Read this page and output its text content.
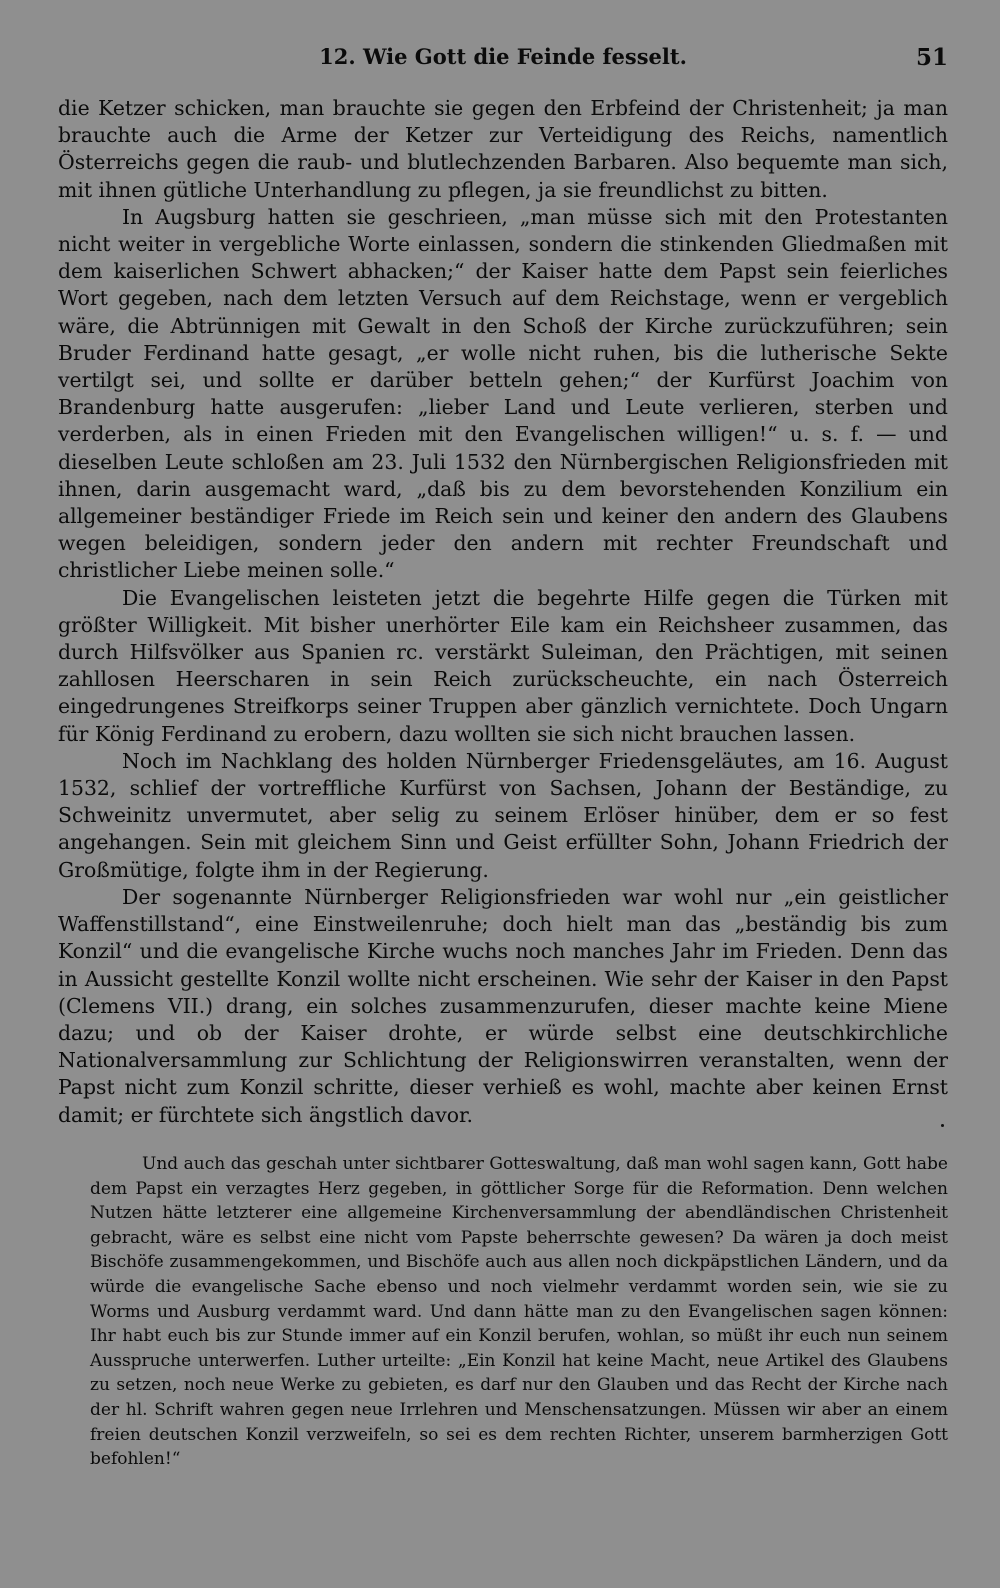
12. Wie Gott die Feinde fesselt.	51

die Ketzer schicken, man brauchte sie gegen den Erbfeind der Christenheit; ja man brauchte auch die Arme der Ketzer zur Verteidigung des Reichs, namentlich Österreichs gegen die raub- und blutlechzenden Barbaren. Also bequemte man sich, mit ihnen gütliche Unterhandlung zu pflegen, ja sie freundlichst zu bitten.

In Augsburg hatten sie geschrieen, „man müsse sich mit den Protestanten nicht weiter in vergebliche Worte einlassen, sondern die stinkenden Gliedmaßen mit dem kaiserlichen Schwert abhacken;“ der Kaiser hatte dem Papst sein feierliches Wort gegeben, nach dem letzten Versuch auf dem Reichstage, wenn er vergeblich wäre, die Abtrünnigen mit Gewalt in den Schoß der Kirche zurückzuführen; sein Bruder Ferdinand hatte gesagt, „er wolle nicht ruhen, bis die lutherische Sekte vertilgt sei, und sollte er darüber betteln gehen;“ der Kurfürst Joachim von Brandenburg hatte ausgerufen: „lieber Land und Leute verlieren, sterben und verderben, als in einen Frieden mit den Evangelischen willigen!“ u. s. f. — und dieselben Leute schloßen am 23. Juli 1532 den Nürnbergischen Religionsfrieden mit ihnen, darin ausgemacht ward, „daß bis zu dem bevorstehenden Konzilium ein allgemeiner beständiger Friede im Reich sein und keiner den andern des Glaubens wegen beleidigen, sondern jeder den andern mit rechter Freundschaft und christlicher Liebe meinen solle.“

Die Evangelischen leisteten jetzt die begehrte Hilfe gegen die Türken mit größter Willigkeit. Mit bisher unerhörter Eile kam ein Reichsheer zusammen, das durch Hilfsvölker aus Spanien rc. verstärkt Suleiman, den Prächtigen, mit seinen zahllosen Heerscharen in sein Reich zurückscheuchte, ein nach Österreich eingedrungenes Streifkorps seiner Truppen aber gänzlich vernichtete. Doch Ungarn für König Ferdinand zu erobern, dazu wollten sie sich nicht brauchen lassen.

Noch im Nachklang des holden Nürnberger Friedensgeläutes, am 16. August 1532, schlief der vortreffliche Kurfürst von Sachsen, Johann der Beständige, zu Schweinitz unvermutet, aber selig zu seinem Erlöser hinüber, dem er so fest angehangen. Sein mit gleichem Sinn und Geist erfüllter Sohn, Johann Friedrich der Großmütige, folgte ihm in der Regierung.

Der sogenannte Nürnberger Religionsfrieden war wohl nur „ein geistlicher Waffenstillstand“, eine Einstweilenruhe; doch hielt man das „beständig bis zum Konzil“ und die evangelische Kirche wuchs noch manches Jahr im Frieden. Denn das in Aussicht gestellte Konzil wollte nicht erscheinen. Wie sehr der Kaiser in den Papst (Clemens VII.) drang, ein solches zusammenzurufen, dieser machte keine Miene dazu; und ob der Kaiser drohte, er würde selbst eine deutschkirchliche Nationalversammlung zur Schlichtung der Religionswirren veranstalten, wenn der Papst nicht zum Konzil schritte, dieser verhieß es wohl, machte aber keinen Ernst damit; er fürchtete sich ängstlich davor.

Und auch das geschah unter sichtbarer Gotteswaltung, daß man wohl sagen kann, Gott habe dem Papst ein verzagtes Herz gegeben, in göttlicher Sorge für die Reformation. Denn welchen Nutzen hätte letzterer eine allgemeine Kirchenversammlung der abendländischen Christenheit gebracht, wäre es selbst eine nicht vom Papste beherrschte gewesen? Da wären ja doch meist Bischöfe zusammengekommen, und Bischöfe auch aus allen noch dickpäpstlichen Ländern, und da würde die evangelische Sache ebenso und noch vielmehr verdammt worden sein, wie sie zu Worms und Ausburg verdammt ward. Und dann hätte man zu den Evangelischen sagen können: Ihr habt euch bis zur Stunde immer auf ein Konzil berufen, wohlan, so müßt ihr euch nun seinem Ausspruche unterwerfen. Luther urteilte: „Ein Konzil hat keine Macht, neue Artikel des Glaubens zu setzen, noch neue Werke zu gebieten, es darf nur den Glauben und das Recht der Kirche nach der hl. Schrift wahren gegen neue Irrlehren und Menschensatzungen. Müssen wir aber an einem freien deutschen Konzil verzweifeln, so sei es dem rechten Richter, unserem barmherzigen Gott befohlen!“
